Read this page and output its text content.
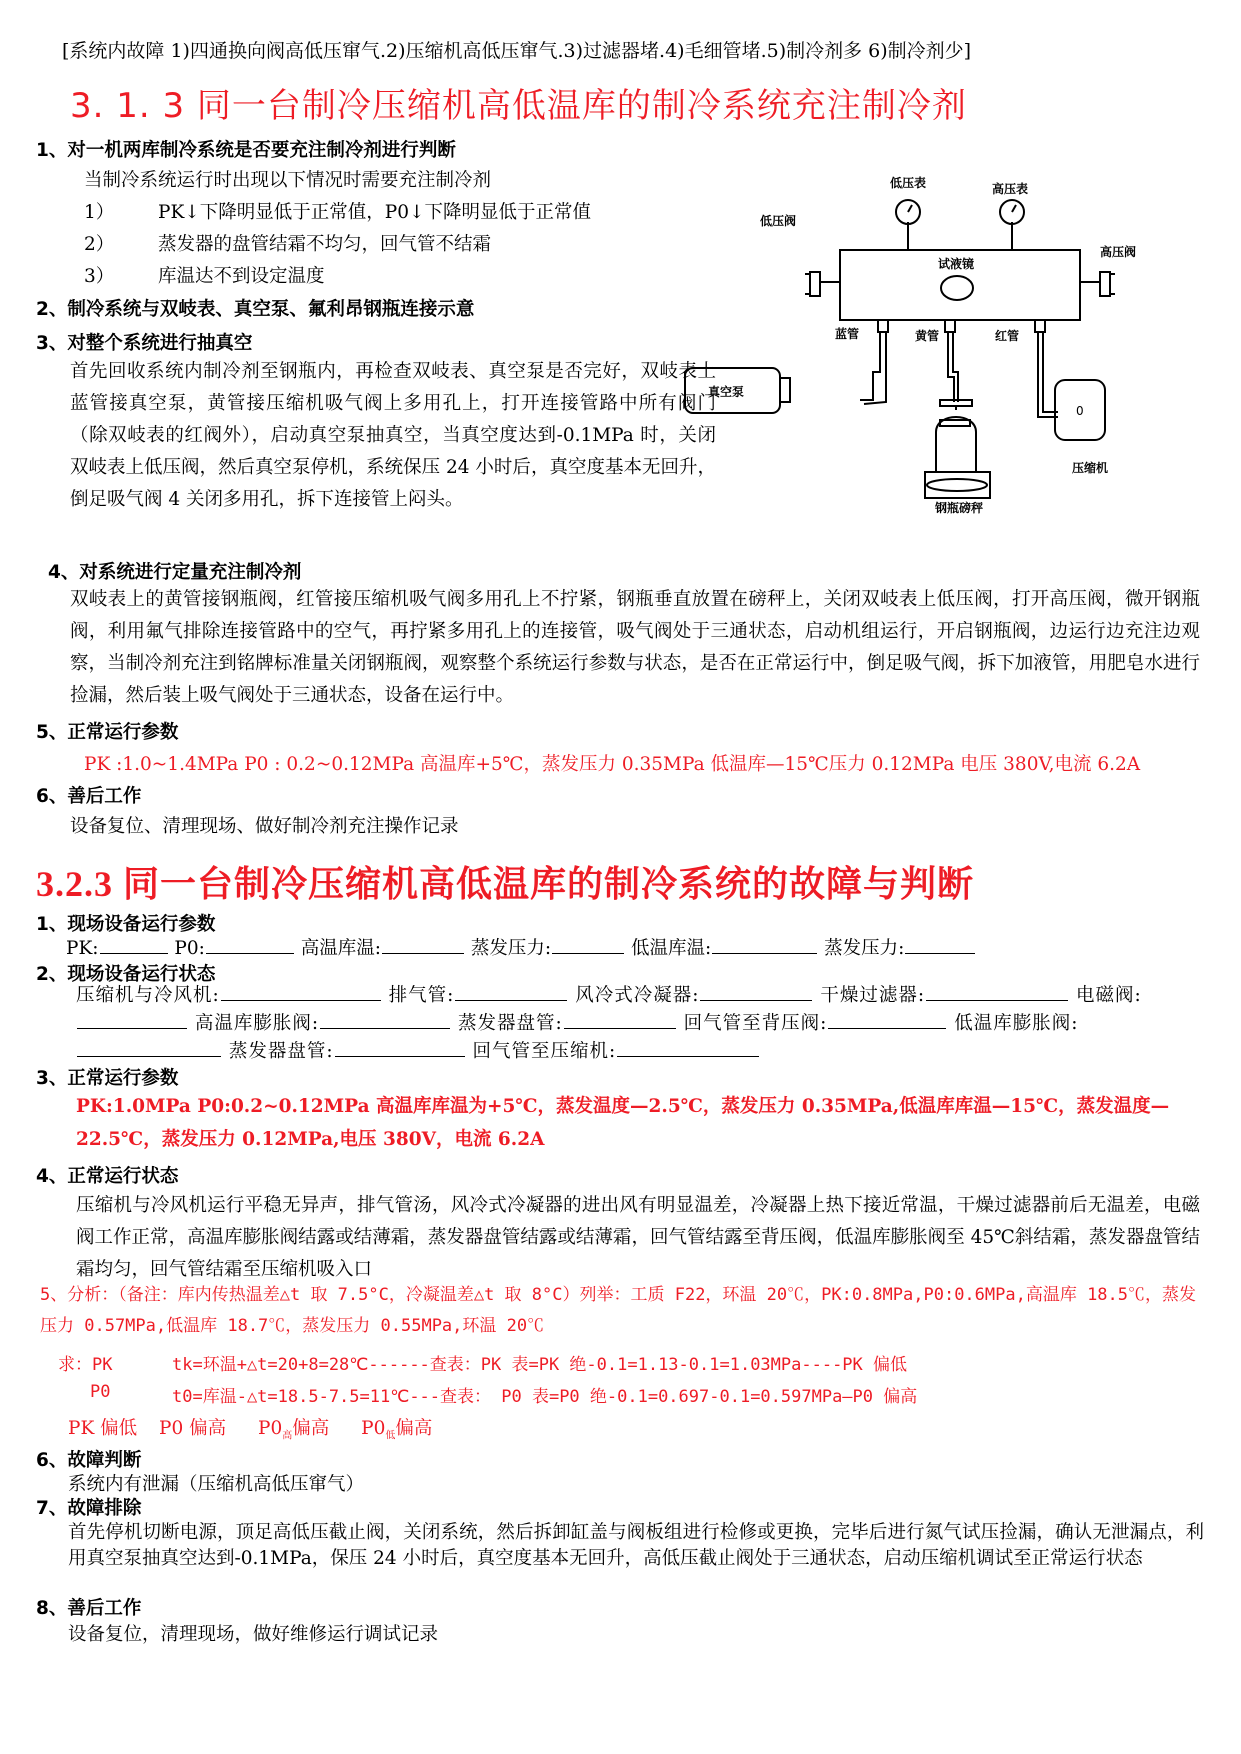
[系统内故障 1)四通换向阀高低压窜气.2)压缩机高低压窜气.3)过滤器堵.4)毛细管堵.5)制冷剂多 6)制冷剂少]
3. 1. 3 同一台制冷压缩机高低温库的制冷系统充注制冷剂
1、对一机两库制冷系统是否要充注制冷剂进行判断
当制冷系统运行时出现以下情况时需要充注制冷剂
1） PK↓下降明显低于正常值，P0↓下降明显低于正常值
2） 蒸发器的盘管结霜不均匀，回气管不结霜
3） 库温达不到设定温度
2、制冷系统与双岐表、真空泵、氟利昂钢瓶连接示意
3、对整个系统进行抽真空
首先回收系统内制冷剂至钢瓶内，再检查双岐表、真空泵是否完好，双岐表上蓝管接真空泵，黄管接压缩机吸气阀上多用孔上，打开连接管路中所有阀门（除双岐表的红阀外），启动真空泵抽真空，当真空度达到-0.1MPa 时，关闭双岐表上低压阀，然后真空泵停机，系统保压 24 小时后，真空度基本无回升，倒足吸气阀 4 关闭多用孔，拆下连接管上闷头。
低压表	高压表
低压阀
高压阀
试液镜
蓝管	黄管	红管
真空泵
0
压缩机
钢瓶磅秤
4、对系统进行定量充注制冷剂
双岐表上的黄管接钢瓶阀，红管接压缩机吸气阀多用孔上不拧紧，钢瓶垂直放置在磅秤上，关闭双岐表上低压阀，打开高压阀，微开钢瓶阀，利用氟气排除连接管路中的空气，再拧紧多用孔上的连接管，吸气阀处于三通状态，启动机组运行，开启钢瓶阀，边运行边充注边观察，当制冷剂充注到铭牌标准量关闭钢瓶阀，观察整个系统运行参数与状态，是否在正常运行中，倒足吸气阀，拆下加液管，用肥皂水进行捡漏，然后装上吸气阀处于三通状态，设备在运行中。
5、正常运行参数
PK :1.0~1.4MPa P0 : 0.2~0.12MPa 高温库+5℃，蒸发压力 0.35MPa 低温库—15℃压力 0.12MPa 电压 380V,电流 6.2A
6、善后工作
设备复位、清理现场、做好制冷剂充注操作记录
3.2.3 同一台制冷压缩机高低温库的制冷系统的故障与判断
1、现场设备运行参数
PK:	P0:	高温库温:	蒸发压力:	低温库温:	蒸发压力:
2、现场设备运行状态
压缩机与冷风机:	排气管:	风冷式冷凝器:	干燥过滤器:	电磁阀: 高温库膨胀阀:	蒸发器盘管:	回气管至背压阀:	低温库膨胀阀: 蒸发器盘管:	回气管至压缩机:
3、正常运行参数
PK:1.0MPa P0:0.2~0.12MPa 高温库库温为+5℃，蒸发温度—2.5℃，蒸发压力 0.35MPa,低温库库温—15℃，蒸发温度—22.5℃，蒸发压力 0.12MPa,电压 380V，电流 6.2A
4、正常运行状态
压缩机与冷风机运行平稳无异声，排气管汤，风冷式冷凝器的进出风有明显温差，冷凝器上热下接近常温，干燥过滤器前后无温差，电磁阀工作正常，高温库膨胀阀结露或结薄霜，蒸发器盘管结露或结薄霜，回气管结露至背压阀，低温库膨胀阀至 45℃斜结霜，蒸发器盘管结霜均匀，回气管结霜至压缩机吸入口
5、分析：（备注：库内传热温差△t 取 7.5°C，冷凝温差△t 取 8°C）列举：工质 F22，环温 20℃，PK:0.8MPa,P0:0.6MPa,高温库 18.5℃，蒸发压力 0.57MPa,低温库 18.7℃，蒸发压力 0.55MPa,环温 20℃
求：PK	tk=环温+△t=20+8=28℃------查表：PK 表=PK 绝-0.1=1.13-0.1=1.03MPa----PK 偏低
P0	t0=库温-△t=18.5-7.5=11℃---查表： P0 表=P0 绝-0.1=0.697-0.1=0.597MPa—P0 偏高
PK 偏低 P0 偏高 $P0_高$偏高 $P0_低$偏高
6、故障判断
系统内有泄漏（压缩机高低压窜气）
7、故障排除
首先停机切断电源，顶足高低压截止阀，关闭系统，然后拆卸缸盖与阀板组进行检修或更换，完毕后进行氮气试压捡漏，确认无泄漏点，利用真空泵抽真空达到-0.1MPa，保压 24 小时后，真空度基本无回升，高低压截止阀处于三通状态，启动压缩机调试至正常运行状态
8、善后工作
设备复位，清理现场，做好维修运行调试记录
